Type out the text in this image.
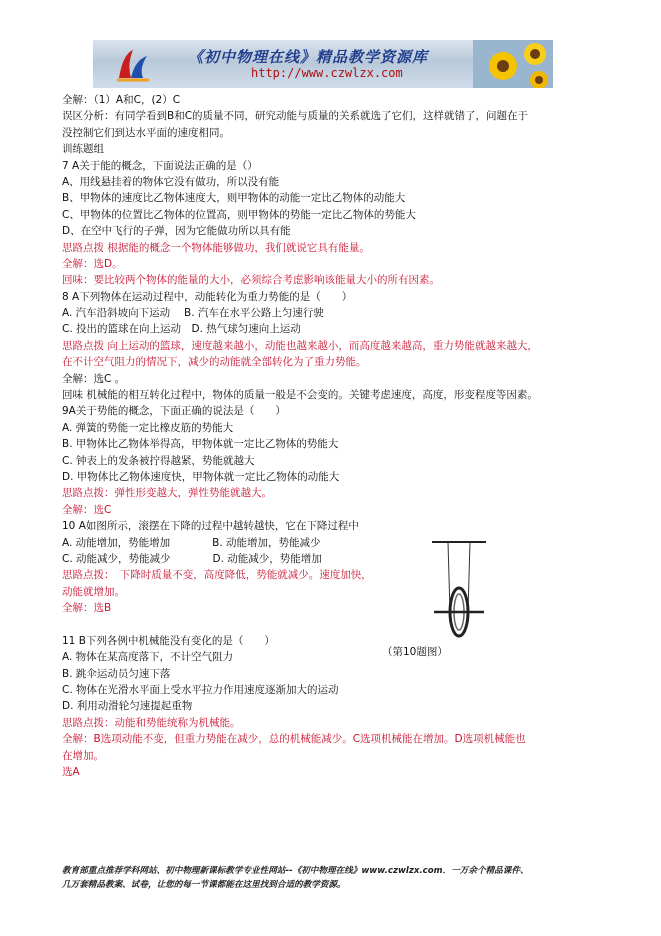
《初中物理在线》精品教学资源库
http://www.czwlzx.com
全解：（1）A和C，(2）C
误区分析：有同学看到B和C的质量不同，研究动能与质量的关系就选了它们，这样就错了，问题在于
没控制它们到达水平面的速度相同。
训练题组
7 A关于能的概念，下面说法正确的是（）
A、用线悬挂着的物体它没有做功，所以没有能
B、甲物体的速度比乙物体速度大，则甲物体的动能一定比乙物体的动能大
C、甲物体的位置比乙物体的位置高，则甲物体的势能一定比乙物体的势能大
D、在空中飞行的子弹，因为它能做功所以具有能
思路点拨 根据能的概念一个物体能够做功，我们就说它具有能量。
全解：选D。
回味：要比较两个物体的能量的大小，必须综合考虑影响该能量大小的所有因素。
8 A下列物体在运动过程中，动能转化为重力势能的是（　　）
A. 汽车沿斜坡向下运动　 B. 汽车在水平公路上匀速行驶
C. 投出的篮球在向上运动　D. 热气球匀速向上运动
思路点拨 向上运动的篮球，速度越来越小，动能也越来越小，而高度越来越高，重力势能就越来越大，
在不计空气阻力的情况下，减少的动能就全部转化为了重力势能。
全解：选C 。
回味 机械能的相互转化过程中，物体的质量一般是不会变的。关键考虑速度，高度，形变程度等因素。
9A关于势能的概念，下面正确的说法是（　　）
A. 弹簧的势能一定比橡皮筋的势能大
B. 甲物体比乙物体举得高，甲物体就一定比乙物体的势能大
C. 钟表上的发条被拧得越紧，势能就越大
D. 甲物体比乙物体速度快，甲物体就一定比乙物体的动能大
思路点拨：弹性形变越大，弹性势能就越大。
全解：选C
10 A如图所示，滚摆在下降的过程中越转越快，它在下降过程中
A. 动能增加，势能增加　　　　B. 动能增加，势能减少
C. 动能减少，势能减少　　　　D. 动能减少，势能增加
思路点拨：　下降时质量不变，高度降低，势能就减少。速度加快，
动能就增加。
全解：选B
11 B下列各例中机械能没有变化的是（　　）
A. 物体在某高度落下，不计空气阻力
B. 跳伞运动员匀速下落
C. 物体在光滑水平面上受水平拉力作用速度逐渐加大的运动
D. 利用动滑轮匀速提起重物
思路点拨：动能和势能统称为机械能。
全解：B选项动能不变，但重力势能在减少，总的机械能减少。C选项机械能在增加。D选项机械能也
在增加。
选A
（第10题图）
教育部重点推荐学科网站、初中物理新课标教学专业性网站--《初中物理在线》www.czwlzx.com．一万余个精品课件、
几万套精品教案、试卷，让您的每一节课都能在这里找到合适的教学资源。
